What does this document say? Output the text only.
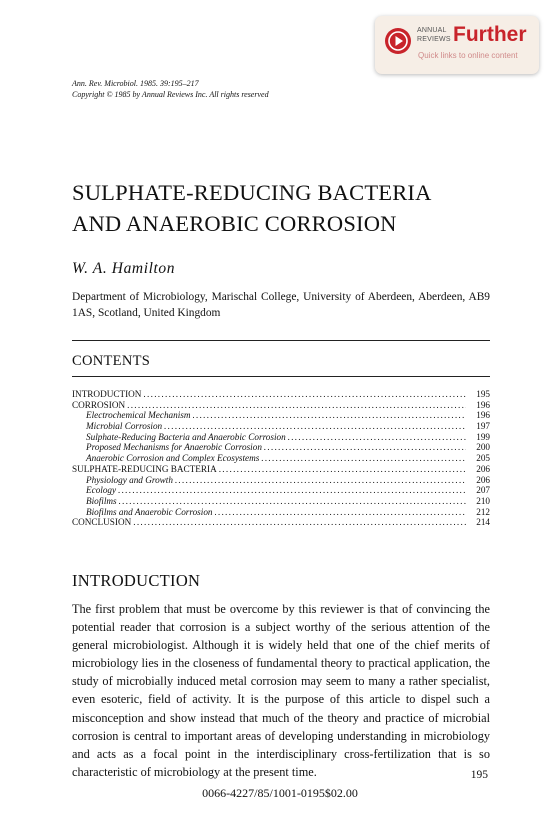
ANNUAL
REVIEWS Further
Quick links to online content
Ann. Rev. Microbiol. 1985. 39:195–217
Copyright © 1985 by Annual Reviews Inc. All rights reserved
SULPHATE-REDUCING BACTERIA
AND ANAEROBIC CORROSION
W. A. Hamilton
Department of Microbiology, Marischal College, University of Aberdeen, Aberdeen, AB9 1AS, Scotland, United Kingdom
CONTENTS
INTRODUCTION .....	195
CORROSION .....	196
Electrochemical Mechanism .....	196
Microbial Corrosion .....	197
Sulphate-Reducing Bacteria and Anaerobic Corrosion .....	199
Proposed Mechanisms for Anaerobic Corrosion .....	200
Anaerobic Corrosion and Complex Ecosystems .....	205
SULPHATE-REDUCING BACTERIA .....	206
Physiology and Growth .....	206
Ecology .....	207
Biofilms .....	210
Biofilms and Anaerobic Corrosion .....	212
CONCLUSION .....	214
INTRODUCTION

The first problem that must be overcome by this reviewer is that of convincing the potential reader that corrosion is a subject worthy of the serious attention of the general microbiologist. Although it is widely held that one of the chief merits of microbiology lies in the closeness of fundamental theory to practical application, the study of microbially induced metal corrosion may seem to many a rather specialist, even esoteric, field of activity. It is the purpose of this article to dispel such a misconception and show instead that much of the theory and practice of microbial corrosion is central to important areas of developing understanding in microbiology and acts as a focal point in the interdisciplinary cross-fertilization that is so characteristic of microbiology at the present time.	195
0066-4227/85/1001-0195$02.00
